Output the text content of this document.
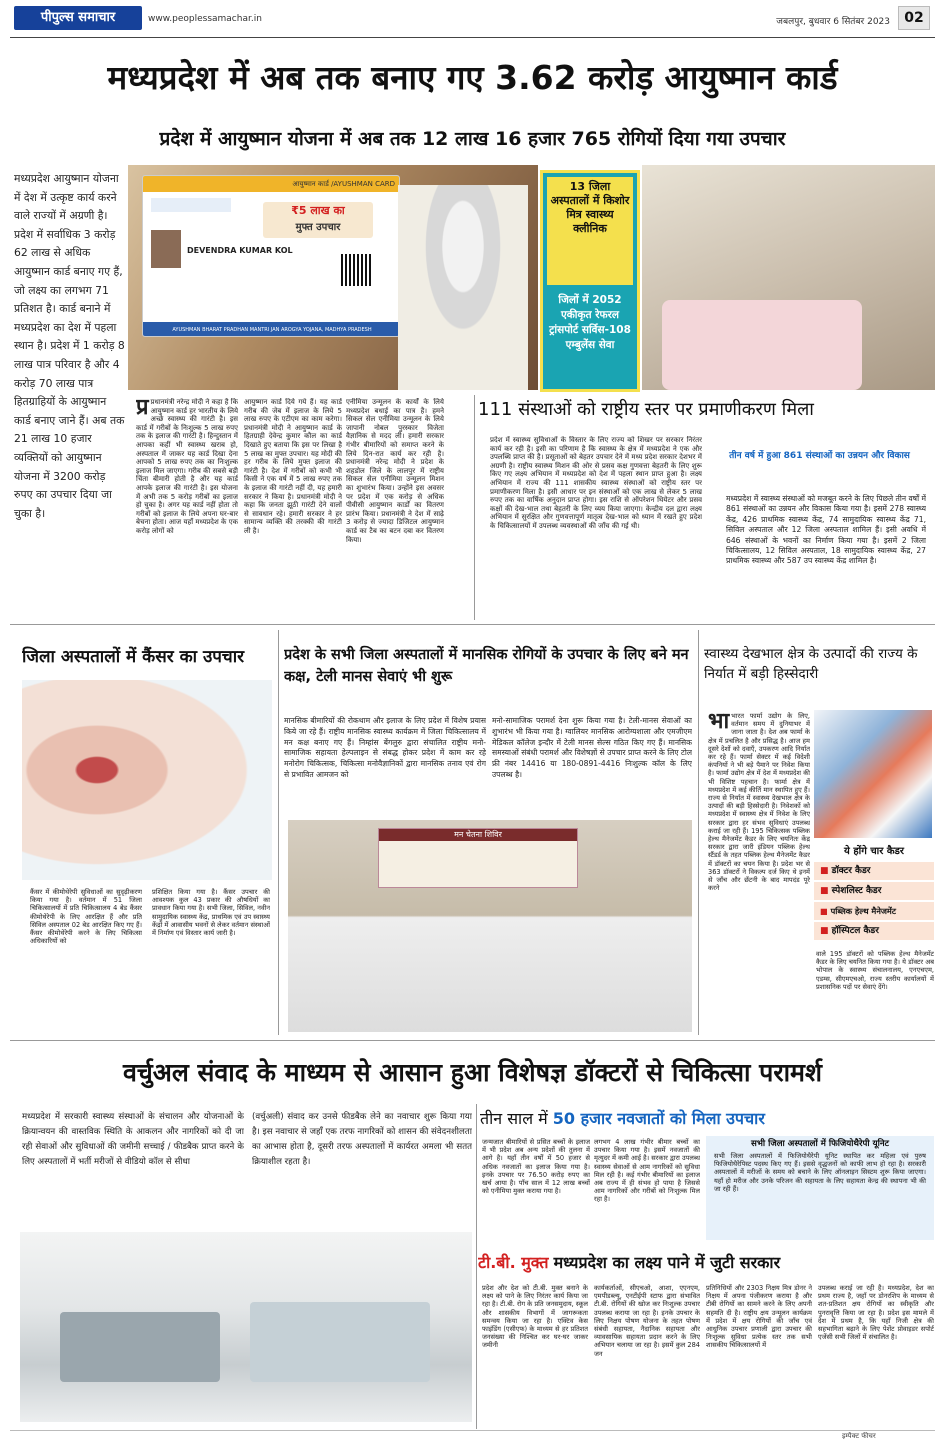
पीपुल्स समाचार	www.peoplessamachar.in	जबलपुर, बुधवार 6 सितंबर 2023	02
मध्यप्रदेश में अब तक बनाए गए 3.62 करोड़ आयुष्मान कार्ड
प्रदेश में आयुष्मान योजना में अब तक 12 लाख 16 हजार 765 रोगियों दिया गया उपचार
मध्यप्रदेश आयुष्मान योजना में देश में उत्कृष्ट कार्य करने वाले राज्यों में अग्रणी है। प्रदेश में सर्वाधिक 3 करोड़ 62 लाख से अधिक आयुष्मान कार्ड बनाए गए हैं, जो लक्ष्य का लगभग 71 प्रतिशत है। कार्ड बनाने में मध्यप्रदेश का देश में पहला स्थान है। प्रदेश में 1 करोड़ 8 लाख पात्र परिवार है और 4 करोड़ 70 लाख पात्र हितग्राहियों के आयुष्मान कार्ड बनाए जाने हैं। अब तक 21 लाख 10 हजार व्यक्तियों को आयुष्मान योजना में 3200 करोड़ रुपए का उपचार दिया जा चुका है।
आयुष्मान कार्ड /AYUSHMAN CARD
₹5 लाख का
मुफ्त उपचार
DEVENDRA KUMAR KOL
AYUSHMAN BHARAT PRADHAN MANTRI JAN AROGYA YOJANA, MADHYA PRADESH
13 जिला अस्पतालों में किशोर मित्र स्वास्थ्य क्लीनिक
जिलों में 2052 एकीकृत रेफरल ट्रांसपोर्ट सर्विस-108 एम्बुलेंस सेवा
प्र प्रधानमंत्री नरेन्द्र मोदी ने कहा है कि आयुष्मान कार्ड हर भारतीय के लिये अच्छे स्वास्थ्य की गारंटी है। इस कार्ड में गरीबों के निःशुल्क 5 लाख रुपए तक के इलाज की गारंटी है। हिन्दुस्तान में आपका कहीं भी स्वास्थ्य खराब हो, अस्पताल में जाकर यह कार्ड दिखा देना आपको 5 लाख रुपए तक का निःशुल्क इलाज मिल जाएगा। गरीब की सबसे बड़ी चिंता बीमारी होती है और यह कार्ड आपके इलाज की गारंटी है। इस योजना में अभी तक 5 करोड़ गरीबों का इलाज हो चुका है। अगर यह कार्ड नहीं होता तो गरीबों को इलाज के लिये अपना घर-बार बेचना होता। आज यहाँ मध्यप्रदेश के एक करोड़ लोगों को
आयुष्मान कार्ड दिये गये हैं। यह कार्ड गरीब की जेब में इलाज के लिये 5 लाख रुपए के एटीएम का काम करेगा। प्रधानमंत्री मोदी ने आयुष्मान कार्ड के हितग्राही देवेन्द्र कुमार कौल का कार्ड दिखाते हुए बताया कि इस पर लिखा है 5 लाख का मुफ्त उपचार। यह मोदी की हर गरीब के लिये मुफ्त इलाज की गारंटी है। देश में गरीबों को कभी भी किसी ने एक वर्ष में 5 लाख रुपए तक के इलाज की गारंटी नहीं दी, यह हमारी सरकार ने किया है। प्रधानमंत्री मोदी ने कहा कि जनता झूठी गारंटी देने वालों से सावधान रहे। हमारी सरकार ने हर सामान्य व्यक्ति की तरक्की की गारंटी ली है।
एनीमिया उन्मूलन के कार्यों के लिये मध्यप्रदेश बधाई का पात्र है। हमने सिकल सेल एनीमिया उन्मूलन के लिये जापानी नोबल पुरस्कार विजेता वैज्ञानिक से मदद ली। हमारी सरकार गंभीर बीमारियों को समाप्त करने के लिये दिन-रात कार्य कर रही है। प्रधानमंत्री नरेन्द्र मोदी ने प्रदेश के शहडोल जिले के लालपुर में राष्ट्रीय सिकल सेल एनीमिया उन्मूलन मिशन का शुभारंभ किया। उन्होंने इस अवसर पर प्रदेश में एक करोड़ से अधिक पीवीसी आयुष्मान कार्डों का वितरण प्रारंभ किया। प्रधानमंत्री ने देश में साढ़े 3 करोड़ से ज्यादा डिजिटल आयुष्मान कार्ड का टैब का बटन दबा कर वितरण किया।
111 संस्थाओं को राष्ट्रीय स्तर पर प्रमाणीकरण मिला
प्रदेश में स्वास्थ्य सुविधाओं के विस्तार के लिए राज्य को शिखर पर सरकार निरंतर कार्य कर रही है। इसी का परिणाम है कि स्वास्थ्य के क्षेत्र में मध्यप्रदेश ने एक और उपलब्धि प्राप्त की है। प्रसूताओं को बेहतर उपचार देने में मध्य प्रदेश सरकार देशभर में अग्रणी है। राष्ट्रीय स्वास्थ्य मिशन की ओर से प्रसव कक्ष गुणवत्ता बेहतरी के लिए शुरू किए गए लक्ष्य अभियान में मध्यप्रदेश को देश में पहला स्थान प्राप्त हुआ है। लक्ष्य अभियान में राज्य की 111 शासकीय स्वास्थ्य संस्थाओं को राष्ट्रीय स्तर पर प्रमाणीकरण मिला है। इसी आधार पर इन संस्थाओं को एक लाख से लेकर 5 लाख रुपए तक का वार्षिक अनुदान प्राप्त होगा। इस राशि से ऑपरेशन थियेटर और प्रसव कक्षों की देख-भाल तथा बेहतरी के लिए व्यय किया जाएगा। केन्द्रीय दल द्वारा लक्ष्य अभियान में सुरक्षित और गुणवत्तापूर्ण मातृत्व देख-भाल को ध्यान में रखते हुए प्रदेश के चिकित्सालयों में उपलब्ध व्यवस्थाओं की जाँच की गई थी।
तीन वर्ष में हुआ 861 संस्थाओं का उन्नयन और विकास
मध्यप्रदेश में स्वास्थ्य संस्थाओं को मजबूत करने के लिए पिछले तीन वर्षों में 861 संस्थाओं का उन्नयन और विकास किया गया है। इसमें 278 स्वास्थ्य केंद्र, 426 प्राथमिक स्वास्थ्य केंद्र, 74 सामुदायिक स्वास्थ्य केंद्र 71, सिविल अस्पताल और 12 जिला अस्पताल शामिल हैं। इसी अवधि में 646 संस्थाओं के भवनों का निर्माण किया गया है। इसमें 2 जिला चिकित्सालय, 12 सिविल अस्पताल, 18 सामुदायिक स्वास्थ्य केंद्र, 27 प्राथमिक स्वास्थ्य और 587 उप स्वास्थ्य केंद्र शामिल है।
जिला अस्पतालों में कैंसर का उपचार
कैंसर में कीमोथेरेपी सुविधाओं का सुदृढ़ीकरण किया गया है। वर्तमान में 51 जिला चिकित्सालयों में प्रति चिकित्सालय 4 बेड कैंसर कीमोथेरेपी के लिए आरक्षित हैं और प्रति सिविल अस्पताल 02 बेड आरक्षित किए गए हैं। कैंसर कीमोथेरेपी करने के लिए चिकित्सा अधिकारियों को
प्रशिक्षित किया गया है। कैंसर उपचार की आवश्यक कुल 43 प्रकार की औषधियों का प्रावधान किया गया है। सभी जिला, सिविल, नवीन सामुदायिक स्वास्थ्य केंद्र, प्राथमिक एवं उप स्वास्थ्य केंद्रों में आवासीय भवनों से लेकर वर्तमान संस्थाओं में निर्माण एवं विस्तार कार्य जारी है।
प्रदेश के सभी जिला अस्पतालों में मानसिक रोगियों के उपचार के लिए बने मन कक्ष, टेली मानस सेवाएं भी शुरू
मानसिक बीमारियों की रोकथाम और इलाज के लिए प्रदेश में विशेष प्रयास किये जा रहे हैं। राष्ट्रीय मानसिक स्वास्थ्य कार्यक्रम में जिला चिकित्सालय में मन कक्ष बनाए गए हैं। निम्हांस बेंगलुरु द्वारा संचालित राष्ट्रीय मनो-सामाजिक सहायता हेल्पलाइन से संबद्ध होकर प्रदेश में काम कर रहे मनोरोग चिकित्सक, चिकित्सा मनोवैज्ञानिकों द्वारा मानसिक तनाव एवं रोग से प्रभावित आमजन को
मनो-सामाजिक परामर्श देना शुरू किया गया है। टेली-मानस सेवाओं का शुभारंभ भी किया गया है। ग्वालियर मानसिक आरोग्यशाला और एमजीएम मेडिकल कॉलेज इन्दौर में टेली मानस सेल्स गठित किए गए हैं। मानसिक समस्याओं संबंधी परामर्श और विशेषज्ञों से उपचार प्राप्त करने के लिए टोल फ्री नंबर 14416 या 180-0891-4416 निःशुल्क कॉल के लिए उपलब्ध है।
मन चेतना शिविर
स्वास्थ्य देखभाल क्षेत्र के उत्पादों की राज्य के निर्यात में बड़ी हिस्सेदारी
भाभारत फार्मा उद्योग के लिए, वर्तमान समय में दुनियाभर में जाना जाता है। देश अब फार्मा के क्षेत्र में प्रचलित है और प्रसिद्ध है। आज हम दूसरे देशों को दवाएँ, उपकरण आदि निर्यात कर रहे हैं। फार्मा सेक्टर में कई विदेशी कंपनियों ने भी बड़े पैमाने पर निवेश किया है। फार्मा उद्योग क्षेत्र में देश में मध्यप्रदेश की भी विशिष्ट पहचान है। फार्मा क्षेत्र में मध्यप्रदेश में कई कीर्ति मान स्थापित हुए हैं। राज्य से निर्यात में स्वास्थ्य देखभाल क्षेत्र के उत्पादों की बड़ी हिस्सेदारी है। निवेशकों को मध्यप्रदेश में स्वास्थ्य क्षेत्र में निवेश के लिए सरकार द्वारा हर संभव सुविधाएं उपलब्ध कराई जा रही हैं। 195 चिकित्सक पब्लिक हेल्थ मैनेजमेंट कैडर के लिए चयनितः केंद्र सरकार द्वारा जारी इंडियन पब्लिक हेल्थ स्टैंडर्ड के तहत पब्लिक हेल्थ मैनेजमेंट कैडर में डॉक्टरों का चयन किया है। प्रदेश भर से 363 डॉक्टरों ने विकल्प दर्ज किए थे इनमें से जाँच और छँटनी के बाद मापदंड पूरे करने
ये होंगे चार कैडर
■ डॉक्टर कैडर
■ स्पेशलिस्ट कैडर
■ पब्लिक हेल्थ मैनेजमेंट
■ हॉस्पिटल कैडर
वाले 195 डॉक्टरों को पब्लिक हेल्थ मैनेजमेंट कैडर के लिए चयनित किया गया है। ये डॉक्टर अब भोपाल के स्वास्थ्य संचालनालय, एनएचएम, एडम्स, सीएमएचओ, राज्य स्तरीय कार्यालयों में प्रशासनिक पदों पर सेवाएं देंगे।
वर्चुअल संवाद के माध्यम से आसान हुआ विशेषज्ञ डॉक्टरों से चिकित्सा परामर्श
मध्यप्रदेश में सरकारी स्वास्थ्य संस्थाओं के संचालन और योजनाओं के क्रियान्वयन की वास्तविक स्थिति के आकलन और नागरिकों को दी जा रही सेवाओं और सुविधाओं की जमीनी सच्चाई / फीडबैक प्राप्त करने के लिए अस्पतालों में भर्ती मरीजों से वीडियो कॉल से सीधा
(वर्चुअली) संवाद कर उनसे फीडबैक लेने का नवाचार शुरू किया गया है। इस नवाचार से जहाँ एक तरफ नागरिकों को शासन की संवेदनशीलता का आभास होता है, दूसरी तरफ अस्पतालों में कार्यरत अमला भी सतत क्रियाशील रहता है।
तीन साल में 50 हजार नवजातों को मिला उपचार
जन्मजात बीमारियों से प्रसित बच्चों के इलाज में भी प्रदेश अब अन्य प्रदेशों की तुलना में आगे है। यहाँ तीन वर्षों में 50 हजार से अधिक नवजातों का इलाज किया गया है। इनके उपचार पर 76.50 करोड़ रुपए का खर्च आया है। पाँच साल में 12 लाख बच्चों को एनीमिया मुक्त कराया गया है।
लगभग 4 लाख गंभीर बीमार बच्चों का उपचार किया गया है। इसमें नवजातों की मृत्युदर में कमी आई है। सरकार द्वारा उपलब्ध स्वास्थ्य सेवाओं से आम नागरिकों को सुविधा मिल रही है। कई गंभीर बीमारियों का इलाज अब राज्य में ही संभव हो पाया है जिससे आम नागरिकों और गरीबों को निःशुल्क मिल रहा है।
सभी जिला अस्पतालों में फिजियोथैरेपी यूनिट
सभी जिला अस्पतालों में फिजियोथैरेपी यूनिट स्थापित कर महिला एवं पुरुष फिजियोथैरेपिस्ट पदस्थ किए गए हैं। इससे वृद्धजनों को काफी लाभ हो रहा है। सरकारी अस्पतालों में मरीजों के समय को बचाने के लिए ऑनलाइन सिस्टम शुरू किया जाएगा। यहाँ हो मरीज और उनके परिजन की सहायता के लिए सहायता केन्द्र की स्थापना भी की जा रही हैं।
टी.बी. मुक्त मध्यप्रदेश का लक्ष्य पाने में जुटी सरकार
प्रदेश और देश को टी.बी. मुक्त बनाने के लक्ष्य को पाने के लिए निरंतर कार्य किया जा रहा है। टी.बी. रोग के प्रति जनसमुदाय, स्कूल और शासकीय विभागों में जागरूकता समन्वय किया जा रहा है। एक्टिव केस फाइंडिंग (एसीएफ) के माध्यम से हर प्रतिशत जनसंख्या की निश्चित कर घर-घर जाकर जमीनी
कार्यकर्ताओं, सीएचओ, आशा, एएनएम, एमपीडब्ल्यू, एनटीईपी स्टाफ द्वारा संभावित टी.बी. रोगियों की खोज कर निःशुल्क उपचार उपलब्ध कराया जा रहा है। इनके उपचार के लिए निक्षय पोषण योजना के तहत पोषण संबंधी सहायता, नैदानिक सहायता और व्यावसायिक सहायता प्रदान करने के लिए अभियान चलाया जा रहा है। इसमें कुल 284 जन
प्रतिनिधियों और 2303 निक्षय मित्र डोनर ने निक्षय में अपना पंजीकरण कराया है और टीबी रोगियों का सामने करने के लिए अपनी सहमति दी है। राष्ट्रीय क्षय उन्मूलन कार्यक्रम में प्रदेश में क्षय रोगियों की जाँच एवं आधुनिक उपचार प्रणाली द्वारा उपचार की निःशुल्क सुविधा प्रत्येक स्तर तक सभी शासकीय चिकित्सालयों में
उपलब्ध कराई जा रही है। मध्यप्रदेश, देश का प्रथम राज्य है, जहाँ पर डोनरशिप के माध्यम से शत-प्रतिशत क्षय रोगियों का स्वीकृति और पुनरावृत्ति किया जा रहा है। प्रदेश इस मामले में देश में प्रथम है, कि यहाँ निजी क्षेत्र की सहभागिता बढ़ाने के लिए पेशेंट प्रोवाइडर सपोर्ट एजेंसी सभी जिलों में संचालित है।
इम्पैक्ट फीचर
